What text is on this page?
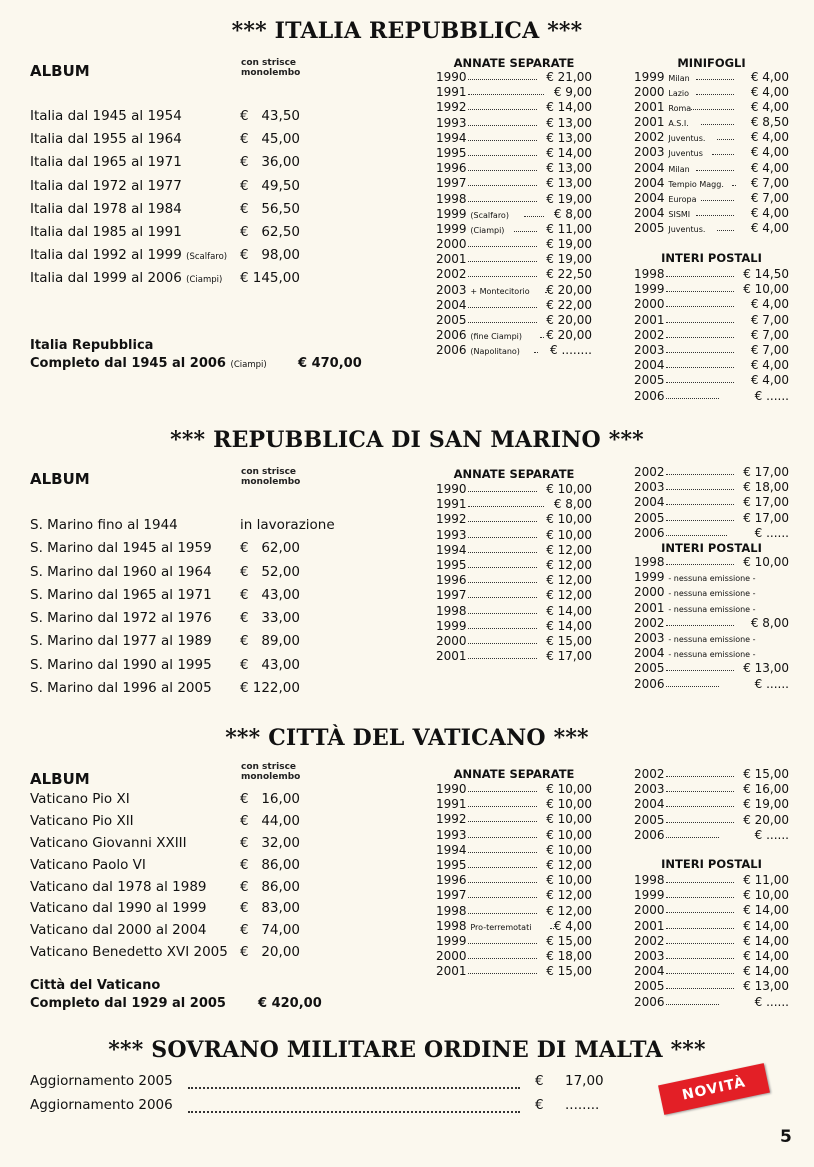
*** ITALIA REPUBBLICA ***
ALBUM	con strisce
monolembo
Italia dal 1945 al 1954	€ 43,50
Italia dal 1955 al 1964	€ 45,00
Italia dal 1965 al 1971	€ 36,00
Italia dal 1972 al 1977	€ 49,50
Italia dal 1978 al 1984	€ 56,50
Italia dal 1985 al 1991	€ 62,50
Italia dal 1992 al 1999 (Scalfaro) € 98,00
Italia dal 1999 al 2006 (Ciampi) € 145,00
Italia Repubblica
Completo dal 1945 al 2006 (Ciampi) € 470,00
ANNATE SEPARATE
1990	€ 21,00
1991	€ 9,00
1992	€ 14,00
1993	€ 13,00
1994	€ 13,00
1995	€ 14,00
1996	€ 13,00
1997	€ 13,00
1998	€ 19,00
1999 (Scalfaro)	€ 8,00
1999 (Ciampi)	€ 11,00
2000	€ 19,00
2001	€ 19,00
2002	€ 22,50
2003 + Montecitorio € 20,00
2004	€ 22,00
2005	€ 20,00
2006 (fine Ciampi) € 20,00
2006 (Napolitano)	€ ........
MINIFOGLI
1999 Milan	€ 4,00
2000 Lazio	€ 4,00
2001 Roma	€ 4,00
2001 A.S.I.	€ 8,50
2002 Juventus.	€ 4,00
2003 Juventus	€ 4,00
2004 Milan	€ 4,00
2004 Tempio Magg. € 7,00
2004 Europa	€ 7,00
2004 SISMI	€ 4,00
2005 Juventus.	€ 4,00
INTERI POSTALI
1998	€ 14,50
1999	€ 10,00
2000	€ 4,00
2001	€ 7,00
2002	€ 7,00
2003	€ 7,00
2004	€ 4,00
2005	€ 4,00
2006	€ ......
*** REPUBBLICA DI SAN MARINO ***
ALBUM	con strisce
monolembo
S. Marino fino al 1944	in lavorazione
S. Marino dal 1945 al 1959 € 62,00
S. Marino dal 1960 al 1964 € 52,00
S. Marino dal 1965 al 1971 € 43,00
S. Marino dal 1972 al 1976 € 33,00
S. Marino dal 1977 al 1989 € 89,00
S. Marino dal 1990 al 1995 € 43,00
S. Marino dal 1996 al 2005 € 122,00
ANNATE SEPARATE
1990	€ 10,00
1991	€ 8,00
1992	€ 10,00
1993	€ 10,00
1994	€ 12,00
1995	€ 12,00
1996	€ 12,00
1997	€ 12,00
1998	€ 14,00
1999	€ 14,00
2000	€ 15,00
2001	€ 17,00
2002	€ 17,00
2003	€ 18,00
2004	€ 17,00
2005	€ 17,00
2006	€ ......
INTERI POSTALI
1998	€ 10,00
1999 - nessuna emissione -
2000 - nessuna emissione -
2001 - nessuna emissione -
2002	€ 8,00
2003 - nessuna emissione -
2004 - nessuna emissione -
2005	€ 13,00
2006	€ ......
*** CITTÀ DEL VATICANO ***
ALBUM
con strisce
monolembo
Vaticano Pio XI	€ 16,00
Vaticano Pio XII	€ 44,00
Vaticano Giovanni XXIII	€ 32,00
Vaticano Paolo VI	€ 86,00
Vaticano dal 1978 al 1989 € 86,00
Vaticano dal 1990 al 1999 € 83,00
Vaticano dal 2000 al 2004 € 74,00
Vaticano Benedetto XVI 2005 € 20,00
Città del Vaticano
Completo dal 1929 al 2005 € 420,00
ANNATE SEPARATE
1990	€ 10,00
1991	€ 10,00
1992	€ 10,00
1993	€ 10,00
1994	€ 10,00
1995	€ 12,00
1996	€ 10,00
1997	€ 12,00
1998	€ 12,00
1998 Pro-terremotati € 4,00
1999	€ 15,00
2000	€ 18,00
2001	€ 15,00
2002	€ 15,00
2003	€ 16,00
2004	€ 19,00
2005	€ 20,00
2006	€ ......
INTERI POSTALI
1998	€ 11,00
1999	€ 10,00
2000	€ 14,00
2001	€ 14,00
2002	€ 14,00
2003	€ 14,00
2004	€ 14,00
2005	€ 13,00
2006	€ ......
*** SOVRANO MILITARE ORDINE DI MALTA ***
Aggiornamento 2005	€ 17,00
Aggiornamento 2006	€ ........
NOVITÀ
5
